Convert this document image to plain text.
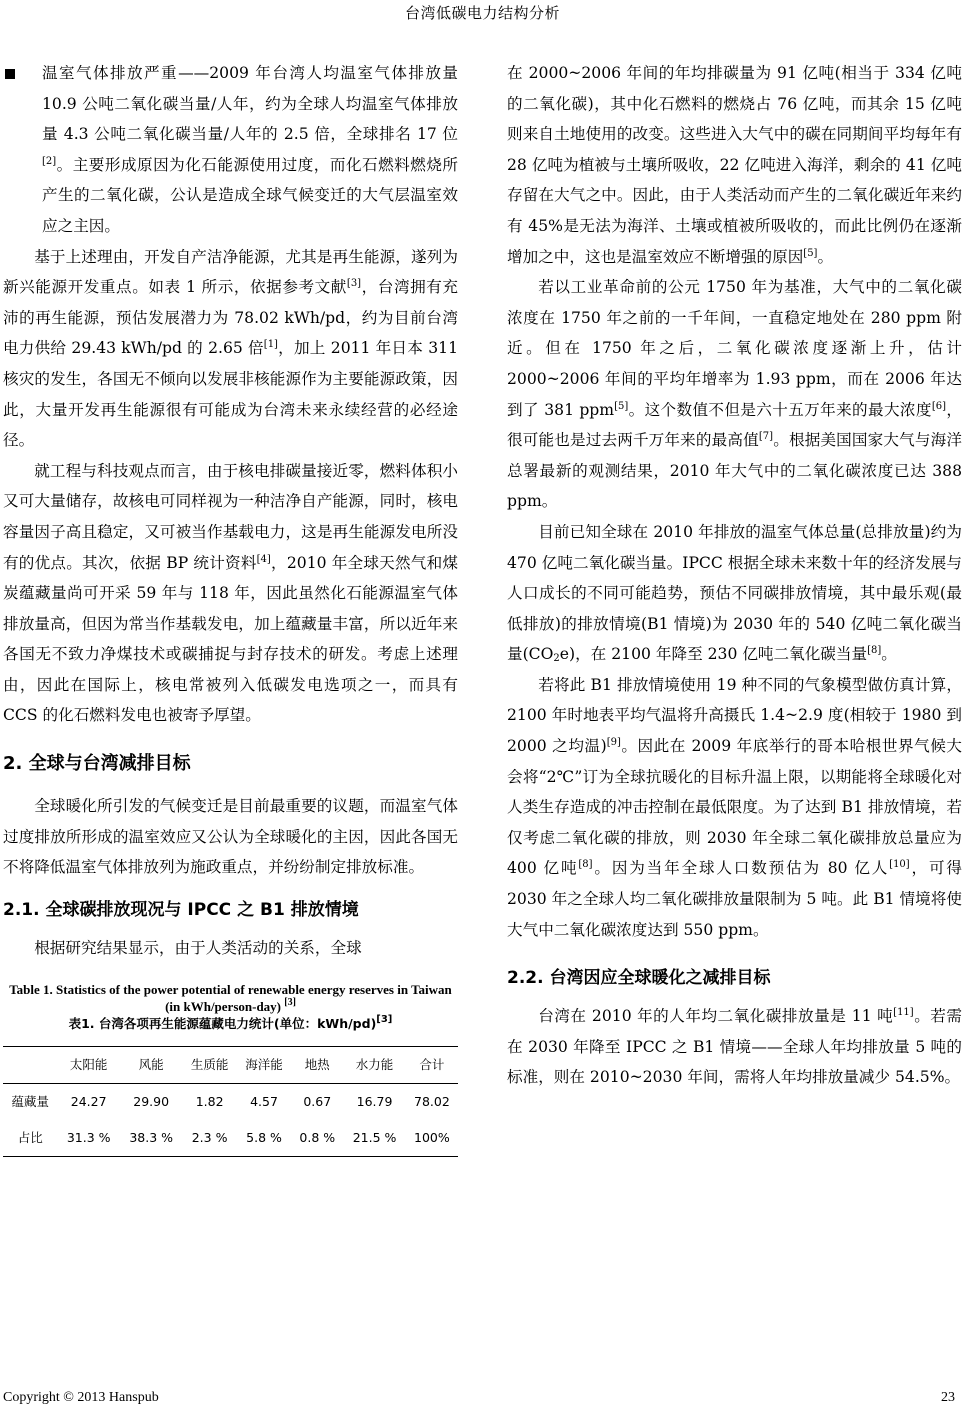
台湾低碳电力结构分析

温室气体排放严重——2009 年台湾人均温室气体排放量 10.9 公吨二氧化碳当量/人年，约为全球人均温室气体排放量 4.3 公吨二氧化碳当量/人年的 2.5 倍，全球排名 17 位[2]。主要形成原因为化石能源使用过度，而化石燃料燃烧所产生的二氧化碳，公认是造成全球气候变迁的大气层温室效应之主因。

基于上述理由，开发自产洁净能源，尤其是再生能源，遂列为新兴能源开发重点。如表 1 所示，依据参考文献[3]，台湾拥有充沛的再生能源，预估发展潜力为 78.02 kWh/pd，约为目前台湾电力供给 29.43 kWh/pd 的 2.65 倍[1]，加上 2011 年日本 311 核灾的发生，各国无不倾向以发展非核能源作为主要能源政策，因此，大量开发再生能源很有可能成为台湾未来永续经营的必经途径。

就工程与科技观点而言，由于核电排碳量接近零，燃料体积小又可大量储存，故核电可同样视为一种洁净自产能源，同时，核电容量因子高且稳定，又可被当作基载电力，这是再生能源发电所没有的优点。其次，依据 BP 统计资料[4]，2010 年全球天然气和煤炭蕴藏量尚可开采 59 年与 118 年，因此虽然化石能源温室气体排放量高，但因为常当作基载发电，加上蕴藏量丰富，所以近年来各国无不致力净煤技术或碳捕捉与封存技术的研发。考虑上述理由，因此在国际上，核电常被列入低碳发电选项之一，而具有 CCS 的化石燃料发电也被寄予厚望。

2. 全球与台湾减排目标

全球暖化所引发的气候变迁是目前最重要的议题，而温室气体过度排放所形成的温室效应又公认为全球暖化的主因，因此各国无不将降低温室气体排放列为施政重点，并纷纷制定排放标准。

2.1. 全球碳排放现况与 IPCC 之 B1 排放情境

根据研究结果显示，由于人类活动的关系，全球

Table 1. Statistics of the power potential of renewable energy reserves in Taiwan (in kWh/person-day) [3]
表1. 台湾各项再生能源蕴藏电力统计(单位：kWh/pd)[3]
	太阳能	风能	生质能	海洋能	地热	水力能	合计
蕴藏量	24.27	29.90	1.82	4.57	0.67	16.79	78.02
占比	31.3 %	38.3 %	2.3 %	5.8 %	0.8 %	21.5 %	100%

在 2000~2006 年间的年均排碳量为 91 亿吨(相当于 334 亿吨的二氧化碳)，其中化石燃料的燃烧占 76 亿吨，而其余 15 亿吨则来自土地使用的改变。这些进入大气中的碳在同期间平均每年有 28 亿吨为植被与土壤所吸收，22 亿吨进入海洋，剩余的 41 亿吨存留在大气之中。因此，由于人类活动而产生的二氧化碳近年来约有 45%是无法为海洋、土壤或植被所吸收的，而此比例仍在逐渐增加之中，这也是温室效应不断增强的原因[5]。

若以工业革命前的公元 1750 年为基准，大气中的二氧化碳浓度在 1750 年之前的一千年间，一直稳定地处在 280 ppm 附近。但在 1750 年之后，二氧化碳浓度逐渐上升，估计 2000~2006 年间的平均年增率为 1.93 ppm，而在 2006 年达到了 381 ppm[5]。这个数值不但是六十五万年来的最大浓度[6]，很可能也是过去两千万年来的最高值[7]。根据美国国家大气与海洋总署最新的观测结果，2010 年大气中的二氧化碳浓度已达 388 ppm。

目前已知全球在 2010 年排放的温室气体总量(总排放量)约为 470 亿吨二氧化碳当量。IPCC 根据全球未来数十年的经济发展与人口成长的不同可能趋势，预估不同碳排放情境，其中最乐观(最低排放)的排放情境(B1 情境)为 2030 年的 540 亿吨二氧化碳当量$(CO_2e)$，在 2100 年降至 230 亿吨二氧化碳当量[8]。

若将此 B1 排放情境使用 19 种不同的气象模型做仿真计算，2100 年时地表平均气温将升高摄氏 1.4~2.9 度(相较于 1980 到 2000 之均温)[9]。因此在 2009 年底举行的哥本哈根世界气候大会将“2℃”订为全球抗暖化的目标升温上限，以期能将全球暖化对人类生存造成的冲击控制在最低限度。为了达到 B1 排放情境，若仅考虑二氧化碳的排放，则 2030 年全球二氧化碳排放总量应为 400 亿吨[8]。因为当年全球人口数预估为 80 亿人[10]，可得 2030 年之全球人均二氧化碳排放量限制为 5 吨。此 B1 情境将使大气中二氧化碳浓度达到 550 ppm。

2.2. 台湾因应全球暖化之减排目标

台湾在 2010 年的人年均二氧化碳排放量是 11 吨[11]。若需在 2030 年降至 IPCC 之 B1 情境——全球人年均排放量 5 吨的标准，则在 2010~2030 年间，需将人年均排放量减少 54.5%。

Copyright © 2013 Hanspub	23
